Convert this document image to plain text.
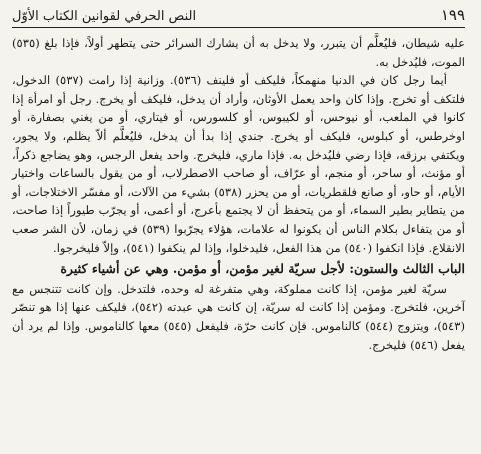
١٩٩
النص الحرفي لقوانين الكتاب الأوّل

عليه شيطان، فليُعلَّم أن يتبرر، ولا يدخل به أن يشارك السرائر حتى يتطهر أولاً، فإذا بلغ (٥٣٥) الموت، فليُدخل به.

أيما رجل كان في الدنيا منهمكاً، فليكف أو فلينف (٥٣٦). وزانية إذا رامت (٥٣٧) الدخول، فلتكف أو تخرج. وإذا كان واحد يعمل الأوثان، وأراد أن يدخل، فليكف أو يخرج. رجل أو امرأة إذا كانوا في الملعب، أو نيوحس، أو لكيبوس، أو كلسورس، أو فيتاري، أو من يغني بصفارة، أو اوخرطس، أو كبلوس، فليكف أو يخرج. جندي إذا بدأ أن يدخل، فليُعلَّم ألاّ يظلم، ولا يجور، ويكتفي برزقه، فإذا رضي فليُدخل به. فإذا ماري، فليخرج. واحد يفعل الرجس، وهو يضاجع ذكراً، أو مؤنث، أو ساحر، أو منجم، أو عرّاف، أو صاحب الاصطرلاب، أو من يقول بالساعات واختيار الأيام، أو حاو، أو صانع فلقطريات، أو من يحزر (٥٣٨) بشيء من الآلات، أو مفسّر الاختلاجات، أو من يتطاير بطير السماء، أو من يتحفظ أن لا يجتمع بأعرج، أو أعمى، أو يجرّب طيوراً إذا صاحت، أو من يتفاءل بكلام الناس أن يكونوا له علامات، هؤلاء يجرّبوا (٥٣٩) في زمان، لأن الشر صعب الانقلاع. فإذا انكفوا (٥٤٠) من هذا الفعل، فليدخلوا، وإذا لم ينكفوا (٥٤١)، وإلاّ فليخرجوا.

الباب الثالث والستون: لأجل سريّة لغير مؤمن، أو مؤمن. وهي عن أشياء كثيرة

سريّة لغير مؤمن، إذا كانت مملوكة، وهي متفرغة له وحده، فلتدخل. وإن كانت تتنجس مع آخرين، فلتخرج. ومؤمن إذا كانت له سريّة، إن كانت هي عبدته (٥٤٢)، فليكف عنها إذا هو تنصّر (٥٤٣)، ويتزوج (٥٤٤) كالناموس. فإن كانت حرّة، فليفعل (٥٤٥) معها كالناموس. وإذا لم يرد أن يفعل (٥٤٦) فليخرج.
